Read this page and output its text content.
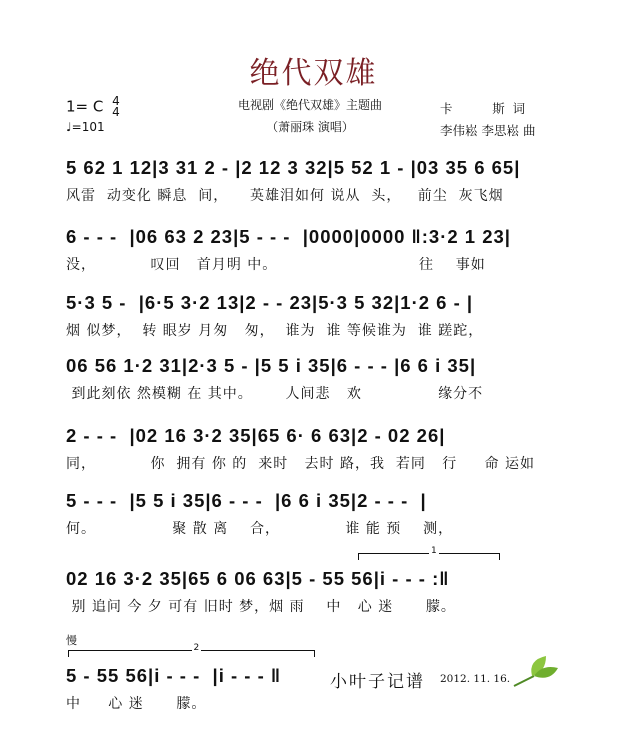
绝代双雄
1= C 4
4
♩=101
电视剧《绝代双雄》主题曲
（萧丽珠 演唱）
卡          斯  词
李伟崧 李思崧 曲
5 62 1 12|3 31 2 - |2 12 3 32|5 52 1 - |03 35 6 65|
风雷  动变化 瞬息  间，    英雄泪如何 说从  头，   前尘  灰飞烟
6 - - -  |06 63 2 23|5 - - -  |0000|0000 ‖:3·2 1 23|
没，          叹回   首月明 中。                          往    事如
5·3 5 -  |6·5 3·2 13|2 - - 23|5·3 5 32|1·2 6 - |
烟 似梦，  转 眼岁 月匆   匆，  谁为  谁 等候谁为  谁 蹉跎，
06 56 1·2 31|2·3 5 - |5 5 i 35|6 - - - |6 6 i 35|
到此刻依 然模糊 在 其中。      人间悲   欢              缘分不
2 - - -  |02 16 3·2 35|65 6· 6 63|2 - 02 26|
同，          你  拥有 你 的  来时   去时 路，我  若同   行     命 运如
5 - - -  |5 5 i 35|6 - - -  |6 6 i 35|2 - - -  |
何。              聚 散 离    合，            谁 能 预    测，
1
02 16 3·2 35|65 6 06 63|5 - 55 56|i - - - :‖
别 追问 今 夕 可有 旧时 梦，烟 雨    中   心 迷      朦。
慢
2
5 - 55 56|i - - -  |i - - - ‖
中     心 迷      朦。
小叶子记谱 2012. 11. 16.
